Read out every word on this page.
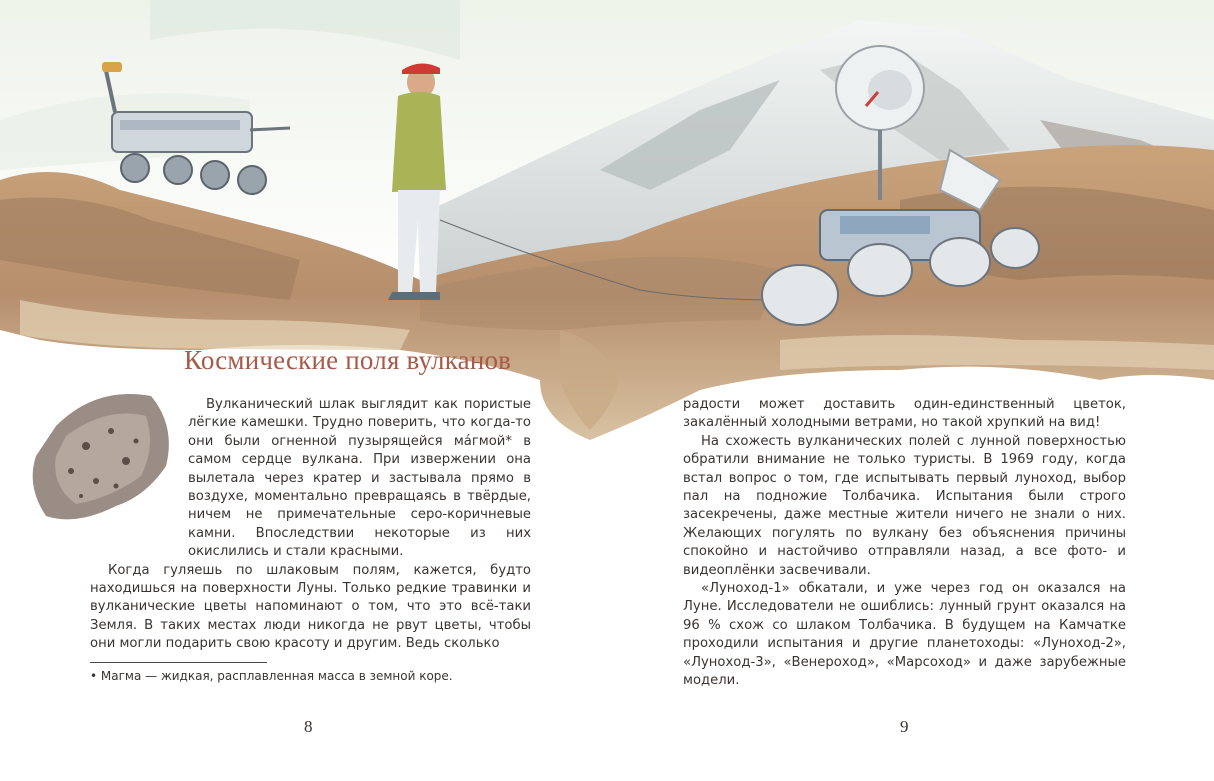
Космические поля вулканов

Вулканический шлак выглядит как пористые лёгкие камешки. Трудно поверить, что когда-то они были огненной пузырящейся ма́гмой* в самом сердце вулкана. При извержении она вылетала через кратер и застывала прямо в воздухе, моментально превращаясь в твёрдые, ничем не примечательные серо-коричневые камни. Впоследствии некоторые из них окислились и стали красными.

Когда гуляешь по шлаковым полям, кажется, будто находишься на поверхности Луны. Только редкие травинки и вулканические цветы напоминают о том, что это всё-таки Земля. В таких местах люди никогда не рвут цветы, чтобы они могли подарить свою красоту и другим. Ведь сколько

• Магма — жидкая, расплавленная масса в земной коре.

радости может доставить один-единственный цветок, закалённый холодными ветрами, но такой хрупкий на вид!

На схожесть вулканических полей с лунной поверхностью обратили внимание не только туристы. В 1969 году, когда встал вопрос о том, где испытывать первый луноход, выбор пал на подножие Толбачика. Испытания были строго засекречены, даже местные жители ничего не знали о них. Желающих погулять по вулкану без объяснения причины спокойно и настойчиво отправляли назад, а все фото- и видеоплёнки засвечивали.

«Луноход-1» обкатали, и уже через год он оказался на Луне. Исследователи не ошиблись: лунный грунт оказался на 96 % схож со шлаком Толбачика. В будущем на Камчатке проходили испытания и другие планетоходы: «Луноход-2», «Луноход-3», «Венероход», «Марсоход» и даже зарубежные модели.

8	9
